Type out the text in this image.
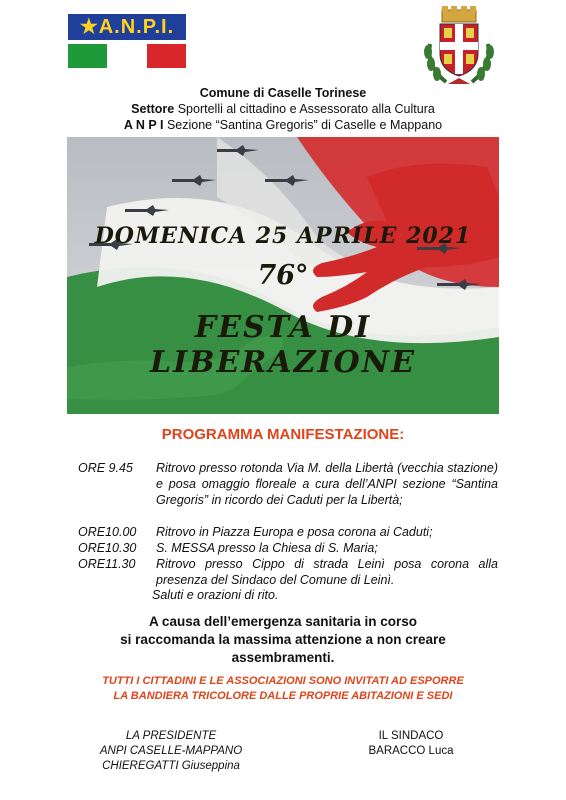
★A.N.P.I.
Comune di Caselle Torinese
Settore Sportelli al cittadino e Assessorato alla Cultura
A N P I Sezione “Santina Gregoris” di Caselle e Mappano
DOMENICA 25 APRILE 2021
76°
FESTA DI LIBERAZIONE
PROGRAMMA MANIFESTAZIONE:
ORE 9.45	Ritrovo presso rotonda Via M. della Libertà (vecchia stazione) e posa omaggio floreale a cura dell’ANPI sezione “Santina Gregoris” in ricordo dei Caduti per la Libertà;
ORE10.00	Ritrovo in Piazza Europa e posa corona ai Caduti;
ORE10.30	S. MESSA presso la Chiesa di S. Maria;
ORE11.30	Ritrovo presso Cippo di strada Leinì posa corona alla presenza del Sindaco del Comune di Leinì.
Saluti e orazioni di rito.
A causa dell’emergenza sanitaria in corso
si raccomanda la massima attenzione a non creare
assembramenti.
TUTTI I CITTADINI E LE ASSOCIAZIONI SONO INVITATI AD ESPORRE
LA BANDIERA TRICOLORE DALLE PROPRIE ABITAZIONI E SEDI
LA PRESIDENTE
ANPI CASELLE-MAPPANO
CHIEREGATTI Giuseppina
IL SINDACO
BARACCO Luca
